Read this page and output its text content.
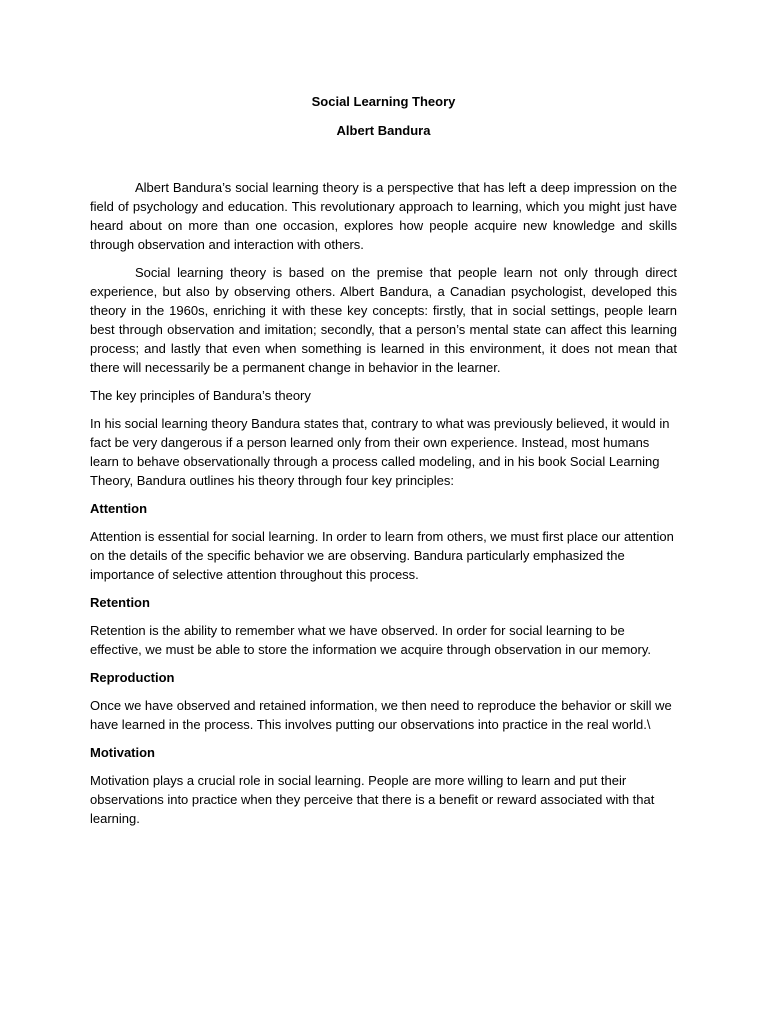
Social Learning Theory

Albert Bandura

Albert Bandura’s social learning theory is a perspective that has left a deep impression on the field of psychology and education. This revolutionary approach to learning, which you might just have heard about on more than one occasion, explores how people acquire new knowledge and skills through observation and interaction with others.

Social learning theory is based on the premise that people learn not only through direct experience, but also by observing others. Albert Bandura, a Canadian psychologist, developed this theory in the 1960s, enriching it with these key concepts: firstly, that in social settings, people learn best through observation and imitation; secondly, that a person’s mental state can affect this learning process; and lastly that even when something is learned in this environment, it does not mean that there will necessarily be a permanent change in behavior in the learner.

The key principles of Bandura’s theory

In his social learning theory Bandura states that, contrary to what was previously believed, it would in fact be very dangerous if a person learned only from their own experience. Instead, most humans learn to behave observationally through a process called modeling, and in his book Social Learning Theory, Bandura outlines his theory through four key principles:

Attention

Attention is essential for social learning. In order to learn from others, we must first place our attention on the details of the specific behavior we are observing. Bandura particularly emphasized the importance of selective attention throughout this process.

Retention

Retention is the ability to remember what we have observed. In order for social learning to be effective, we must be able to store the information we acquire through observation in our memory.

Reproduction

Once we have observed and retained information, we then need to reproduce the behavior or skill we have learned in the process. This involves putting our observations into practice in the real world.\

Motivation

Motivation plays a crucial role in social learning. People are more willing to learn and put their observations into practice when they perceive that there is a benefit or reward associated with that learning.
